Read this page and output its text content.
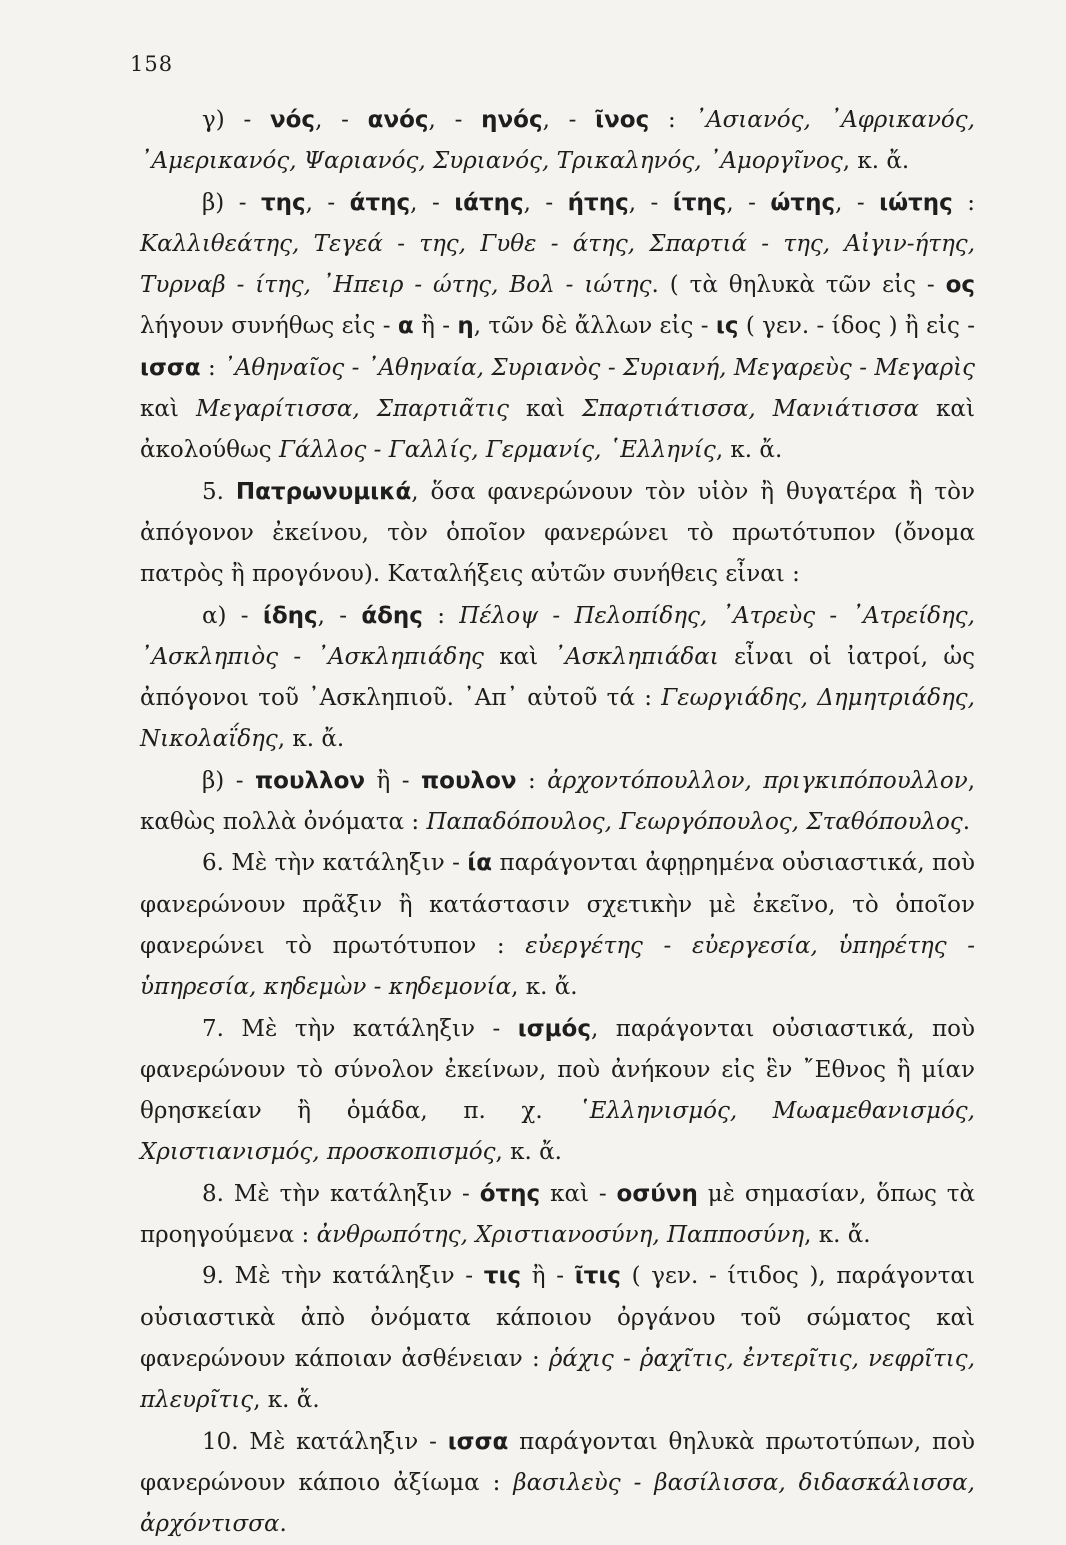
158

γ) - νός, - ανός, - ηνός, - ῖνος : ᾿Ασιανός, ᾿Αφρικανός, ᾿Αμερικανός, Ψαριανός, Συριανός, Τρικαληνός, ᾿Αμοργῖνος, κ. ἄ.

β) - της, - άτης, - ιάτης, - ήτης, - ίτης, - ώτης, - ιώτης : Καλλιθεάτης, Τεγεά - της, Γυθε - άτης, Σπαρτιά - της, Αἰγιν-ήτης, Τυρναβ - ίτης, ᾿Ηπειρ - ώτης, Βολ - ιώτης. ( τὰ θηλυκὰ τῶν εἰς - ος λήγουν συνήθως εἰς - α ἢ - η, τῶν δὲ ἄλλων εἰς - ις ( γεν. - ίδος ) ἢ εἰς - ισσα : ᾿Αθηναῖος - ᾿Αθηναία, Συριανὸς - Συριανή, Μεγαρεὺς - Μεγαρὶς καὶ Μεγαρίτισσα, Σπαρτιᾶτις καὶ Σπαρτιάτισσα, Μανιάτισσα καὶ ἀκολούθως Γάλλος - Γαλλίς, Γερμανίς, ῾Ελληνίς, κ. ἄ.

5. Πατρωνυμικά, ὅσα φανερώνουν τὸν υἱὸν ἢ θυγατέρα ἢ τὸν ἀπόγονον ἐκείνου, τὸν ὁποῖον φανερώνει τὸ πρωτότυπον (ὄνομα πατρὸς ἢ προγόνου). Καταλήξεις αὐτῶν συνήθεις εἶναι :

α) - ίδης, - άδης : Πέλοψ - Πελοπίδης, ᾿Ατρεὺς - ᾿Ατρείδης, ᾿Ασκληπιὸς - ᾿Ασκληπιάδης καὶ ᾿Ασκληπιάδαι εἶναι οἱ ἰατροί, ὡς ἀπόγονοι τοῦ ᾿Ασκληπιοῦ. ᾿Απ᾿ αὐτοῦ τά : Γεωργιάδης, Δημητριάδης, Νικολαΐδης, κ. ἄ.

β) - πουλλον ἢ - πουλον : ἀρχοντόπουλλον, πριγκιπόπουλλον, καθὼς πολλὰ ὀνόματα : Παπαδόπουλος, Γεωργόπουλος, Σταθόπουλος.

6. Μὲ τὴν κατάληξιν - ία παράγονται ἀφῃρημένα οὐσιαστικά, ποὺ φανερώνουν πρᾶξιν ἢ κατάστασιν σχετικὴν μὲ ἐκεῖνο, τὸ ὁποῖον φανερώνει τὸ πρωτότυπον : εὐεργέτης - εὐεργεσία, ὑπηρέτης - ὑπηρεσία, κηδεμὼν - κηδεμονία, κ. ἄ.

7. Μὲ τὴν κατάληξιν - ισμός, παράγονται οὐσιαστικά, ποὺ φανερώνουν τὸ σύνολον ἐκείνων, ποὺ ἀνήκουν εἰς ἓν ῎Εθνος ἢ μίαν θρησκείαν ἢ ὁμάδα, π. χ. ῾Ελληνισμός, Μωαμεθανισμός, Χριστιανισμός, προσκοπισμός, κ. ἄ.

8. Μὲ τὴν κατάληξιν - ότης καὶ - οσύνη μὲ σημασίαν, ὅπως τὰ προηγούμενα : ἀνθρωπότης, Χριστιανοσύνη, Παπποσύνη, κ. ἄ.

9. Μὲ τὴν κατάληξιν - τις ἢ - ῖτις ( γεν. - ίτιδος ), παράγονται οὐσιαστικὰ ἀπὸ ὀνόματα κάποιου ὀργάνου τοῦ σώματος καὶ φανερώνουν κάποιαν ἀσθένειαν : ῥάχις - ῥαχῖτις, ἐντερῖτις, νεφρῖτις, πλευρῖτις, κ. ἄ.

10. Μὲ κατάληξιν - ισσα παράγονται θηλυκὰ πρωτοτύπων, ποὺ φανερώνουν κάποιο ἀξίωμα : βασιλεὺς - βασίλισσα, διδασκάλισσα, ἀρχόντισσα.
